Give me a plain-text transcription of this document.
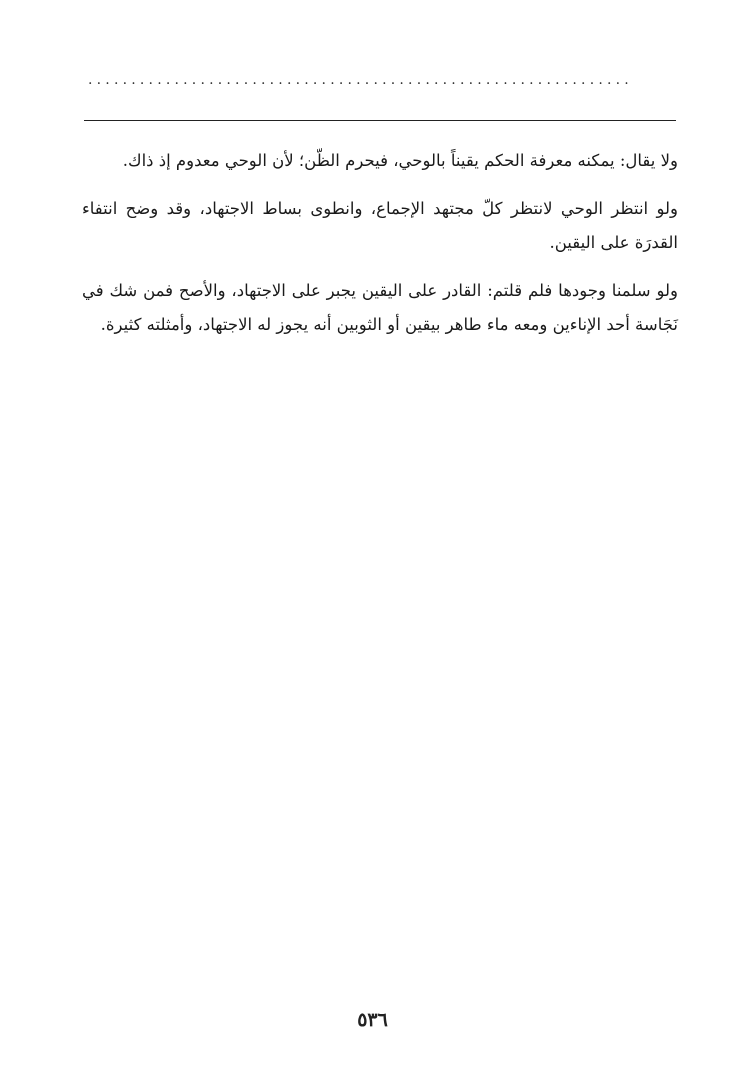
...............................................................

ولا يقال: يمكنه معرفة الحكم يقيناً بالوحي، فيحرم الظّن؛ لأن الوحي معدوم إذ ذاك.

ولو انتظر الوحي لانتظر كلّ مجتهد الإجماع، وانطوى بساط الاجتهاد، وقد وضح انتفاء القدرَة على اليقين.

ولو سلمنا وجودها فلم قلتم: القادر على اليقين يجبر على الاجتهاد، والأصح فمن شك في نَجَاسة أحد الإناءين ومعه ماء طاهر بيقين أو الثوبين أنه يجوز له الاجتهاد، وأمثلته كثيرة.

٥٣٦
